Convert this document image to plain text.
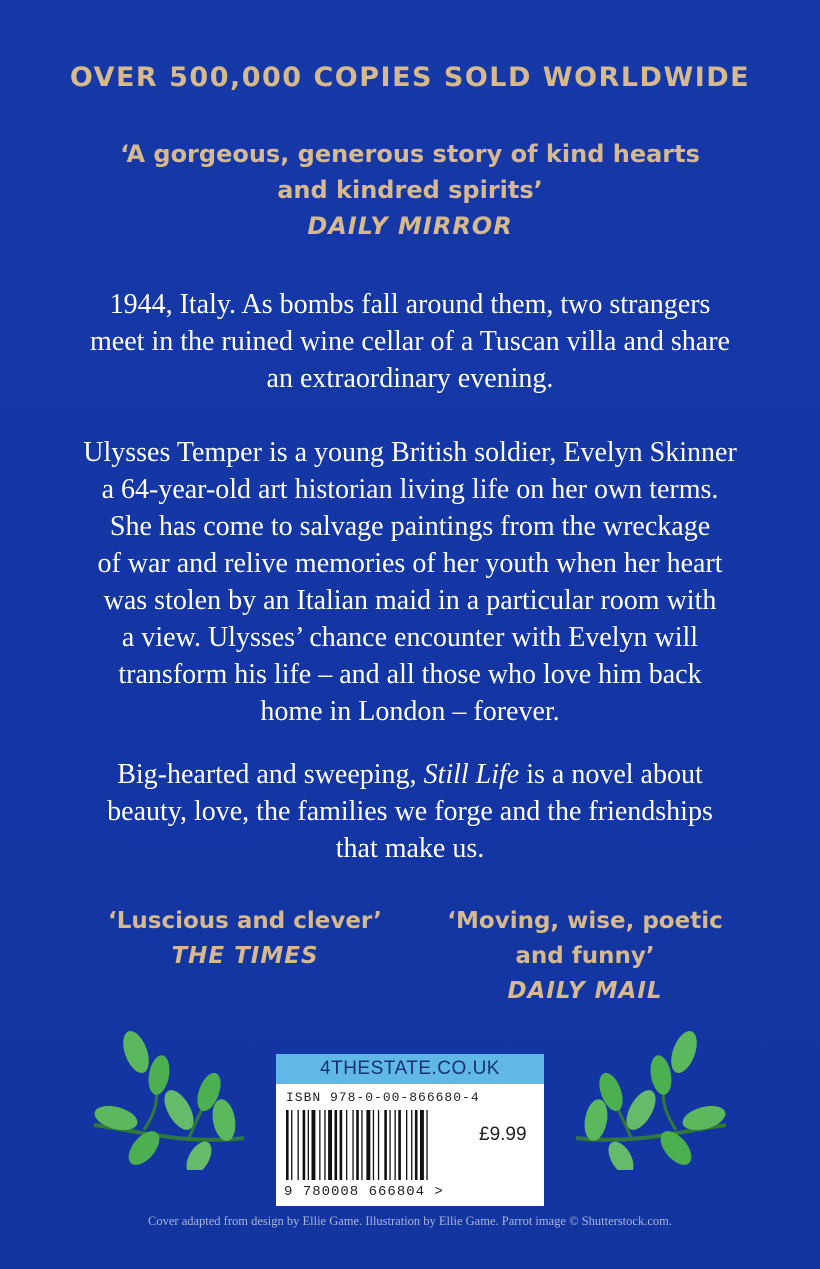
OVER 500,000 COPIES SOLD WORLDWIDE
‘A gorgeous, generous story of kind hearts
and kindred spirits’
DAILY MIRROR

1944, Italy. As bombs fall around them, two strangers

meet in the ruined wine cellar of a Tuscan villa and share

an extraordinary evening.

Ulysses Temper is a young British soldier, Evelyn Skinner

a 64-year-old art historian living life on her own terms.

She has come to salvage paintings from the wreckage

of war and relive memories of her youth when her heart

was stolen by an Italian maid in a particular room with

a view. Ulysses’ chance encounter with Evelyn will

transform his life – and all those who love him back

home in London – forever.

Big-hearted and sweeping, Still Life is a novel about

beauty, love, the families we forge and the friendships

that make us.

‘Luscious and clever’
THE TIMES
‘Moving, wise, poetic
and funny’
DAILY MAIL
4THESTATE.CO.UK
ISBN 978-0-00-866680-4
£9.99
9 780008 666804 >
Cover adapted from design by Ellie Game. Illustration by Ellie Game. Parrot image © Shutterstock.com.
